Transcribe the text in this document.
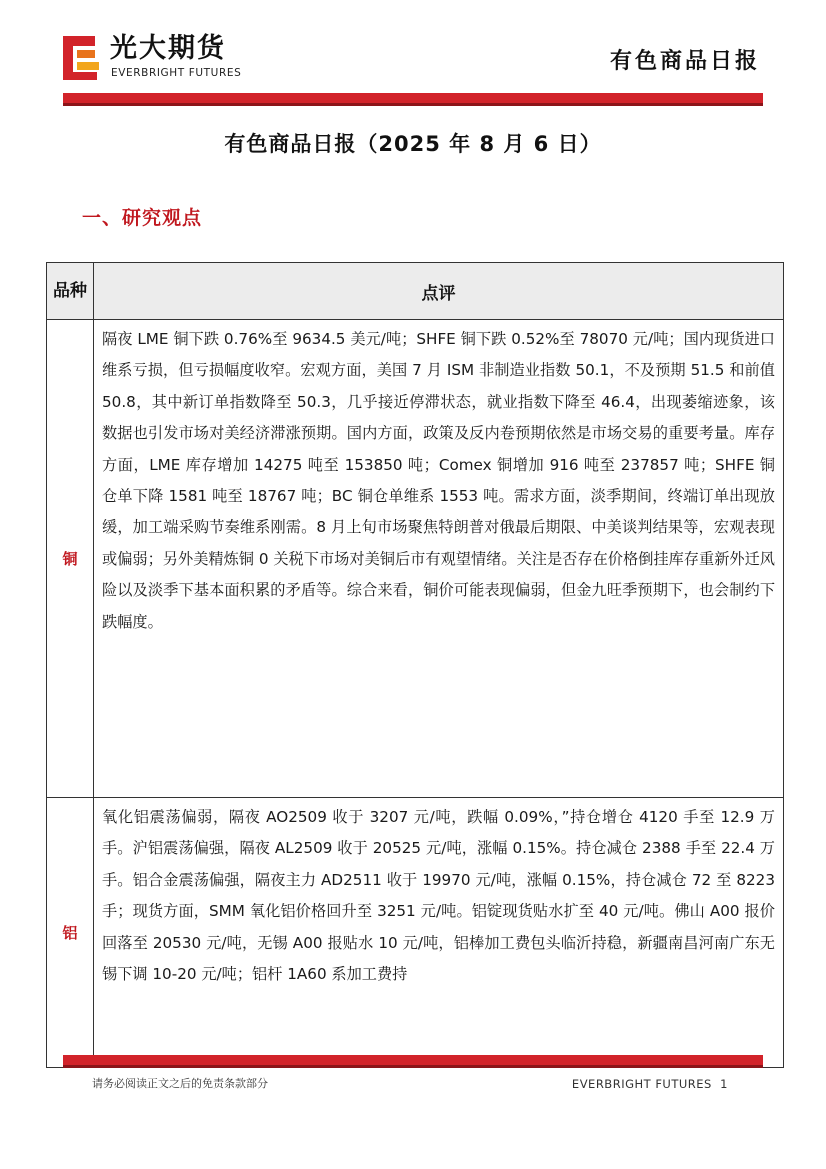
光大期货
EVERBRIGHT FUTURES	有色商品日报
有色商品日报（2025 年 8 月 6 日）
一、研究观点
品种	点评
铜	隔夜 LME 铜下跌 0.76%至 9634.5 美元/吨；SHFE 铜下跌 0.52%至 78070 元/吨；国内现货进口维系亏损，但亏损幅度收窄。宏观方面，美国 7 月 ISM 非制造业指数 50.1，不及预期 51.5 和前值 50.8，其中新订单指数降至 50.3，几乎接近停滞状态，就业指数下降至 46.4，出现萎缩迹象，该数据也引发市场对美经济滞涨预期。国内方面，政策及反内卷预期依然是市场交易的重要考量。库存方面，LME 库存增加 14275 吨至 153850 吨；Comex 铜增加 916 吨至 237857 吨；SHFE 铜仓单下降 1581 吨至 18767 吨；BC 铜仓单维系 1553 吨。需求方面，淡季期间，终端订单出现放缓，加工端采购节奏维系刚需。8 月上旬市场聚焦特朗普对俄最后期限、中美谈判结果等，宏观表现或偏弱；另外美精炼铜 0 关税下市场对美铜后市有观望情绪。关注是否存在价格倒挂库存重新外迁风险以及淡季下基本面积累的矛盾等。综合来看，铜价可能表现偏弱，但金九旺季预期下，也会制约下跌幅度。
铝	氧化铝震荡偏弱，隔夜 AO2509 收于 3207 元/吨，跌幅 0.09%，”持仓增仓 4120 手至 12.9 万手。沪铝震荡偏强，隔夜 AL2509 收于 20525 元/吨，涨幅 0.15%。持仓减仓 2388 手至 22.4 万手。铝合金震荡偏强，隔夜主力 AD2511 收于 19970 元/吨，涨幅 0.15%，持仓减仓 72 至 8223 手；现货方面，SMM 氧化铝价格回升至 3251 元/吨。铝锭现货贴水扩至 40 元/吨。佛山 A00 报价回落至 20530 元/吨，无锡 A00 报贴水 10 元/吨，铝棒加工费包头临沂持稳，新疆南昌河南广东无锡下调 10-20 元/吨；铝杆 1A60 系加工费持
请务必阅读正文之后的免责条款部分	EVERBRIGHT FUTURES 1
